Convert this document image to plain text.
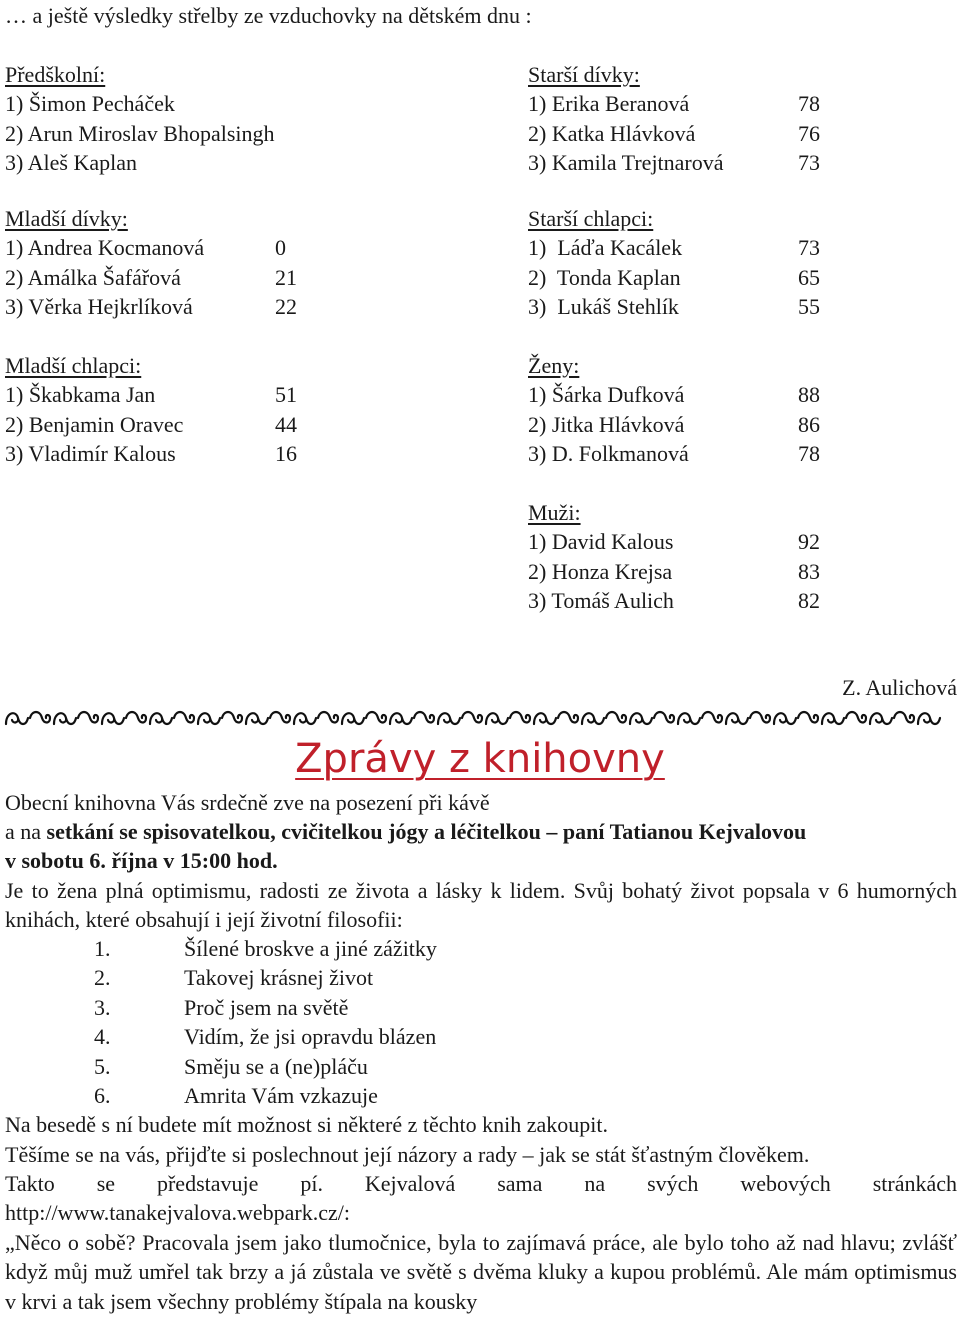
… a ještě výsledky střelby ze vzduchovky na dětském dnu :
Předškolní:
1) Šimon Pecháček
2) Arun Miroslav Bhopalsingh
3) Aleš Kaplan
Mladší dívky:
1) Andrea Kocmanová	0
2) Amálka Šafářová	21
3) Věrka Hejkrlíková	22
Mladší chlapci:
1) Škabkama Jan	51
2) Benjamin Oravec	44
3) Vladimír Kalous	16
Starší dívky:
1) Erika Beranová	78
2) Katka Hlávková	76
3) Kamila Trejtnarová	73
Starší chlapci:
1)  Láďa Kacálek	73
2)  Tonda Kaplan	65
3)  Lukáš Stehlík	55
Ženy:
1) Šárka Dufková	88
2) Jitka Hlávková	86
3) D. Folkmanová	78
Muži:
1) David Kalous	92
2) Honza Krejsa	83
3) Tomáš Aulich	82
Z. Aulichová
Zprávy z knihovny
Obecní knihovna Vás srdečně zve na posezení při kávě
a na setkání se spisovatelkou, cvičitelkou jógy a léčitelkou – paní Tatianou Kejvalovou
v sobotu 6. října v 15:00 hod.
Je to žena plná optimismu, radosti ze života a lásky k lidem. Svůj bohatý život popsala v 6 humorných knihách, které obsahují i její životní filosofii:
1.	Šílené broskve a jiné zážitky
2.	Takovej krásnej život
3.	Proč jsem na světě
4.	Vidím, že jsi opravdu blázen
5.	Směju se a (ne)pláču
6.	Amrita Vám vzkazuje
Na besedě s ní budete mít možnost si některé z těchto knih zakoupit.
Těšíme se na vás, přijďte si poslechnout její názory a rady – jak se stát šťastným člověkem.
Takto se představuje pí. Kejvalová sama na svých webových stránkách
http://www.tanakejvalova.webpark.cz/:
„Něco o sobě? Pracovala jsem jako tlumočnice, byla to zajímavá práce, ale bylo toho až nad hlavu; zvlášť když můj muž umřel tak brzy a já zůstala ve světě s dvěma kluky a kupou problémů. Ale mám optimismus v krvi a tak jsem všechny problémy štípala na kousky
